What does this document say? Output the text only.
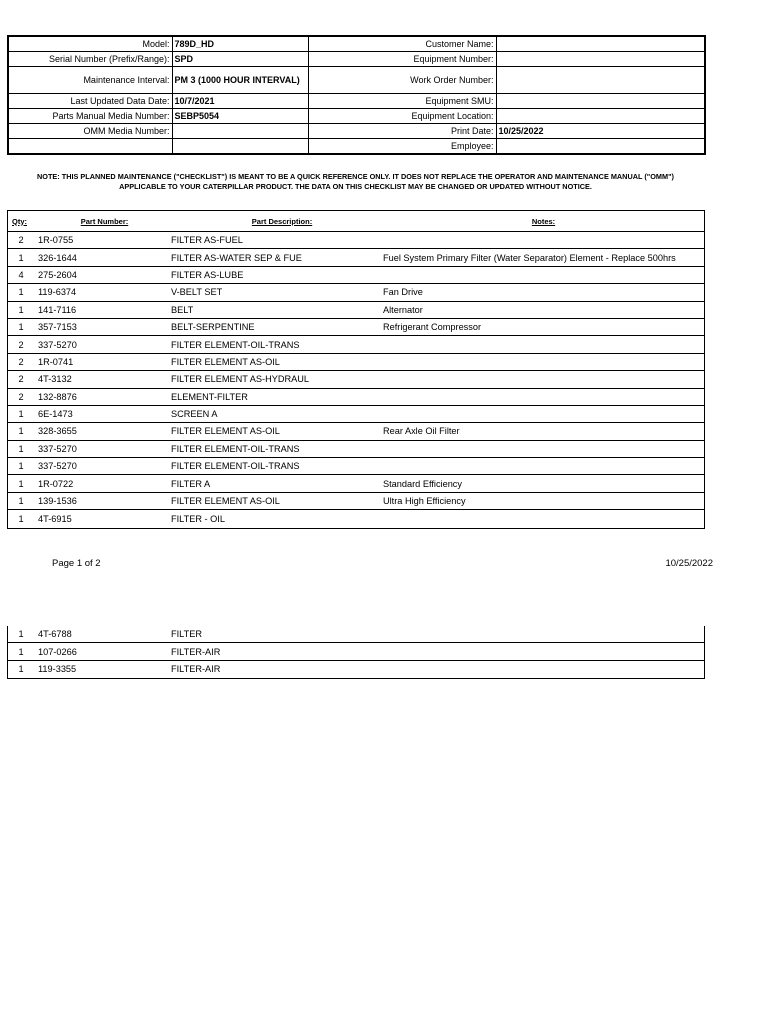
Model:	789D_HD	Customer Name:	
Serial Number (Prefix/Range):	SPD	Equipment Number:	
Maintenance Interval:	PM 3 (1000 HOUR INTERVAL)	Work Order Number:	
Last Updated Data Date:	10/7/2021	Equipment SMU:	
Parts Manual Media Number:	SEBP5054	Equipment Location:	
OMM Media Number:		Print Date:	10/25/2022
		Employee:	
NOTE: THIS PLANNED MAINTENANCE ("CHECKLIST") IS MEANT TO BE A QUICK REFERENCE ONLY. IT DOES NOT REPLACE THE OPERATOR AND MAINTENANCE MANUAL ("OMM")
APPLICABLE TO YOUR CATERPILLAR PRODUCT. THE DATA ON THIS CHECKLIST MAY BE CHANGED OR UPDATED WITHOUT NOTICE.
Qty:	Part Number:	Part Description:	Notes:
2	1R-0755	FILTER AS-FUEL
1	326-1644	FILTER AS-WATER SEP & FUE	Fuel System Primary Filter (Water Separator) Element - Replace 500hrs
4	275-2604	FILTER AS-LUBE
1	119-6374	V-BELT SET	Fan Drive
1	141-7116	BELT	Alternator
1	357-7153	BELT-SERPENTINE	Refrigerant Compressor
2	337-5270	FILTER ELEMENT-OIL-TRANS
2	1R-0741	FILTER ELEMENT AS-OIL
2	4T-3132	FILTER ELEMENT AS-HYDRAUL
2	132-8876	ELEMENT-FILTER
1	6E-1473	SCREEN A
1	328-3655	FILTER ELEMENT AS-OIL	Rear Axle Oil Filter
1	337-5270	FILTER ELEMENT-OIL-TRANS
1	337-5270	FILTER ELEMENT-OIL-TRANS
1	1R-0722	FILTER A	Standard Efficiency
1	139-1536	FILTER ELEMENT AS-OIL	Ultra High Efficiency
1	4T-6915	FILTER - OIL
Page 1 of 2	10/25/2022
1	4T-6788	FILTER
1	107-0266	FILTER-AIR
1	119-3355	FILTER-AIR
